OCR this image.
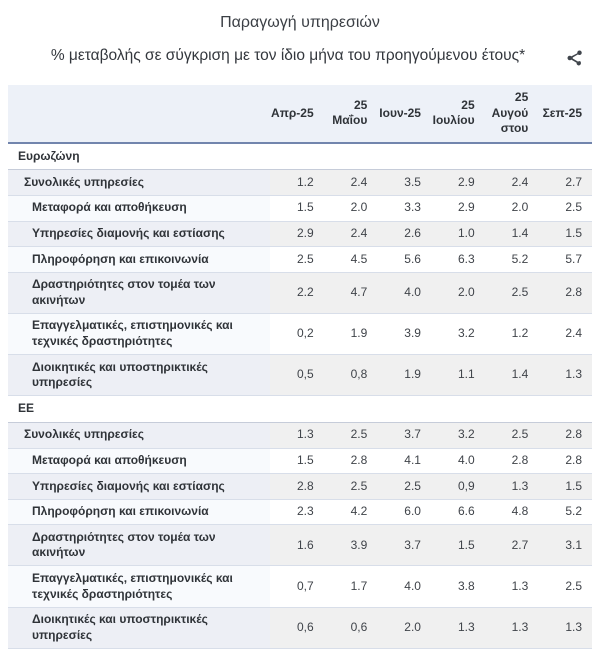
Παραγωγή υπηρεσιών
% μεταβολής σε σύγκριση με τον ίδιο μήνα του προηγούμενου έτους*
	Απρ-25	25 Μαΐου	Ιουν-25	25 Ιουλίου	25 Αυγούστου	Σεπ-25
Ευρωζώνη						
Συνολικές υπηρεσίες	1.2	2.4	3.5	2.9	2.4	2.7
Μεταφορά και αποθήκευση	1.5	2.0	3.3	2.9	2.0	2.5
Υπηρεσίες διαμονής και εστίασης	2.9	2.4	2.6	1.0	1.4	1.5
Πληροφόρηση και επικοινωνία	2.5	4.5	5.6	6.3	5.2	5.7
Δραστηριότητες στον τομέα των ακινήτων	2.2	4.7	4.0	2.0	2.5	2.8
Επαγγελματικές, επιστημονικές και τεχνικές δραστηριότητες	0,2	1.9	3.9	3.2	1.2	2.4
Διοικητικές και υποστηρικτικές υπηρεσίες	0,5	0,8	1.9	1.1	1.4	1.3
ΕΕ						
Συνολικές υπηρεσίες	1.3	2.5	3.7	3.2	2.5	2.8
Μεταφορά και αποθήκευση	1.5	2.8	4.1	4.0	2.8	2.8
Υπηρεσίες διαμονής και εστίασης	2.8	2.5	2.5	0,9	1.3	1.5
Πληροφόρηση και επικοινωνία	2.3	4.2	6.0	6.6	4.8	5.2
Δραστηριότητες στον τομέα των ακινήτων	1.6	3.9	3.7	1.5	2.7	3.1
Επαγγελματικές, επιστημονικές και τεχνικές δραστηριότητες	0,7	1.7	4.0	3.8	1.3	2.5
Διοικητικές και υποστηρικτικές υπηρεσίες	0,6	0,6	2.0	1.3	1.3	1.3
